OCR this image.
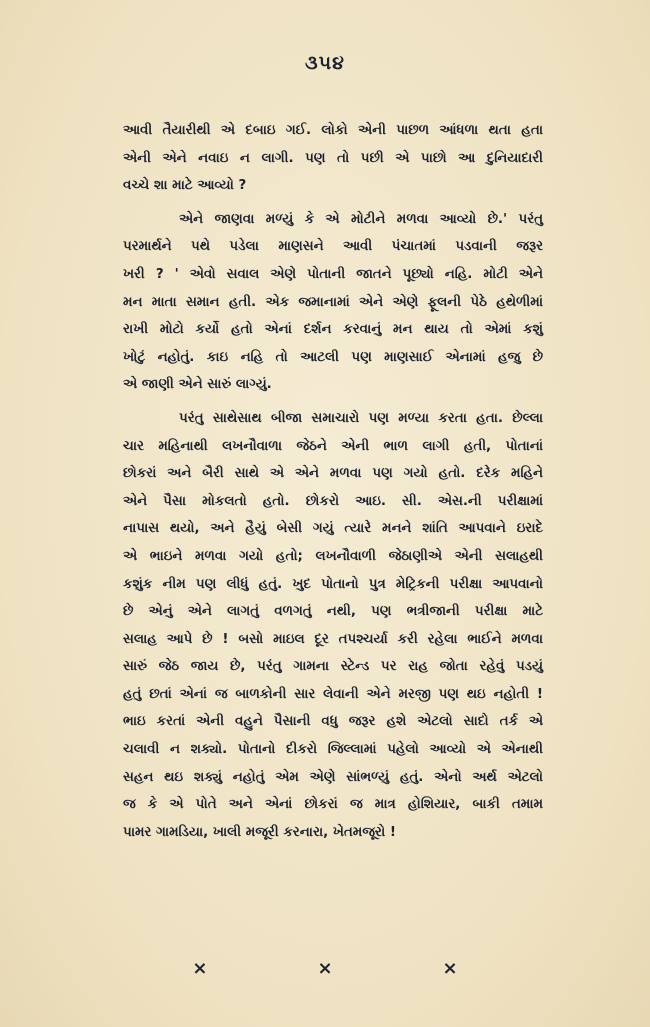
૩૫૪
આવી તૈયારીથી એ દબાઇ ગઈ. લોકો એની પાછળ આંધળા થતા હતા
એની એને નવાઇ ન લાગી. પણ તો પછી એ પાછો આ દુનિયાદારી
વચ્ચે શા માટે આવ્યો ?
એને જાણવા મળ્યું કે એ મોટીને મળવા આવ્યો છે.' પરંતુ
પરમાર્થને પથે પડેલા માણસને આવી પંચાતમાં પડવાની જરૂર
ખરી ? ' એવો સવાલ એણે પોતાની જાતને પૂછ્યો નહિ. મોટી એને
મન માતા સમાન હતી. એક જમાનામાં એને એણે ફૂલની પેઠે હથેળીમાં
રાખી મોટો કર્યો હતો એનાં દર્શન કરવાનું મન થાય તો એમાં કશું
ખોટું નહોતું. કાઇ નહિ તો આટલી પણ માણસાઈ એનામાં હજુ છે
એ જાણી એને સારું લાગ્યું.
પરંતુ સાથેસાથ બીજા સમાચારો પણ મળ્યા કરતા હતા. છેલ્લા
ચાર મહિનાથી લખનૌવાળા જેઠને એની ભાળ લાગી હતી, પોતાનાં
છોકરાં અને બૈરી સાથે એ એને મળવા પણ ગયો હતો. દરેક મહિને
એને પૈસા મોકલતો હતો. છોકરો આઇ. સી. એસ.ની પરીક્ષામાં
નાપાસ થયો, અને હૈયું બેસી ગયું ત્યારે મનને શાંતિ આપવાને ઇરાદે
એ ભાઇને મળવા ગયો હતો; લખનૌવાળી જેઠાણીએ એની સલાહથી
કશુંક નીમ પણ લીધું હતું. ખુદ પોતાનો પુત્ર મેટ્રિકની પરીક્ષા આપવાનો
છે એનું એને લાગતું વળગતું નથી, પણ ભત્રીજાની પરીક્ષા માટે
સલાહ આપે છે ! બસો માઇલ દૂર તપશ્ચર્યા કરી રહેલા ભાઈને મળવા
સારું જેઠ જાય છે, પરંતુ ગામના સ્ટેન્ડ પર રાહ જોતા રહેવું પડયું
હતું છતાં એનાં જ બાળકોની સાર લેવાની એને મરજી પણ થઇ નહોતી !
ભાઇ કરતાં એની વહુને પૈસાની વધુ જરૂર હશે એટલો સાદો તર્ક એ
ચલાવી ન શક્યો. પોતાનો દીકરો જિલ્લામાં પહેલો આવ્યો એ એનાથી
સહન થઇ શક્યું નહોતું એમ એણે સાંભળ્યું હતું. એનો અર્થ એટલો
જ કે એ પોતે અને એનાં છોકરાં જ માત્ર હોશિયાર, બાકી તમામ
પામર ગામડિયા, ખાલી મજૂરી કરનારા, ખેતમજૂરો !
×	×	×
